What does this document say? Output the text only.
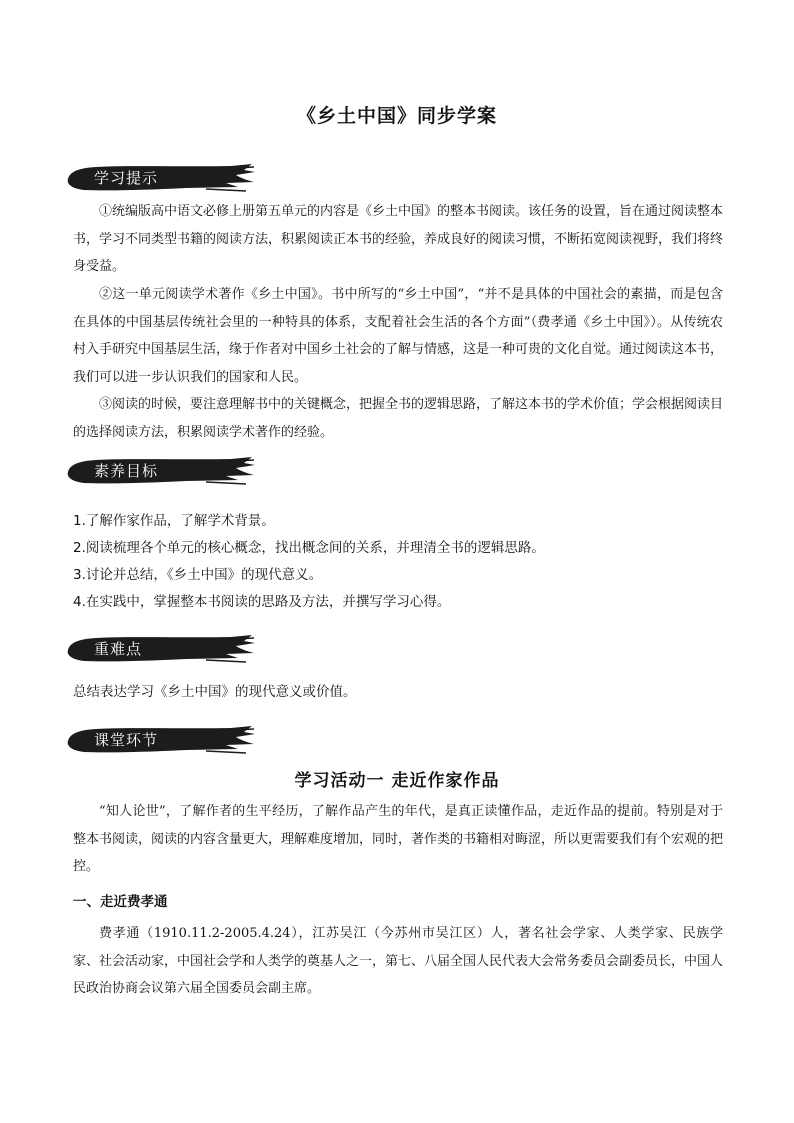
《乡土中国》同步学案
学习提示

①统编版高中语文必修上册第五单元的内容是《乡土中国》的整本书阅读。该任务的设置，旨在通过阅读整本书，学习不同类型书籍的阅读方法，积累阅读正本书的经验，养成良好的阅读习惯，不断拓宽阅读视野，我们将终身受益。

②这一单元阅读学术著作《乡土中国》。书中所写的“乡土中国”，“并不是具体的中国社会的素描，而是包含在具体的中国基层传统社会里的一种特具的体系，支配着社会生活的各个方面”（费孝通《乡土中国》）。从传统农村入手研究中国基层生活，缘于作者对中国乡土社会的了解与情感，这是一种可贵的文化自觉。通过阅读这本书，我们可以进一步认识我们的国家和人民。

③阅读的时候，要注意理解书中的关键概念，把握全书的逻辑思路，了解这本书的学术价值；学会根据阅读目的选择阅读方法，积累阅读学术著作的经验。

素养目标

1.了解作家作品，了解学术背景。

2.阅读梳理各个单元的核心概念，找出概念间的关系，并理清全书的逻辑思路。

3.讨论并总结，《乡土中国》的现代意义。

4.在实践中，掌握整本书阅读的思路及方法，并撰写学习心得。

重难点

总结表达学习《乡土中国》的现代意义或价值。

课堂环节
学习活动一 走近作家作品

“知人论世”，了解作者的生平经历，了解作品产生的年代，是真正读懂作品，走近作品的提前。特别是对于整本书阅读，阅读的内容含量更大，理解难度增加，同时，著作类的书籍相对晦涩，所以更需要我们有个宏观的把控。

一、走近费孝通

费孝通（1910.11.2-2005.4.24），江苏吴江（今苏州市吴江区）人，著名社会学家、人类学家、民族学家、社会活动家，中国社会学和人类学的奠基人之一，第七、八届全国人民代表大会常务委员会副委员长，中国人民政治协商会议第六届全国委员会副主席。
